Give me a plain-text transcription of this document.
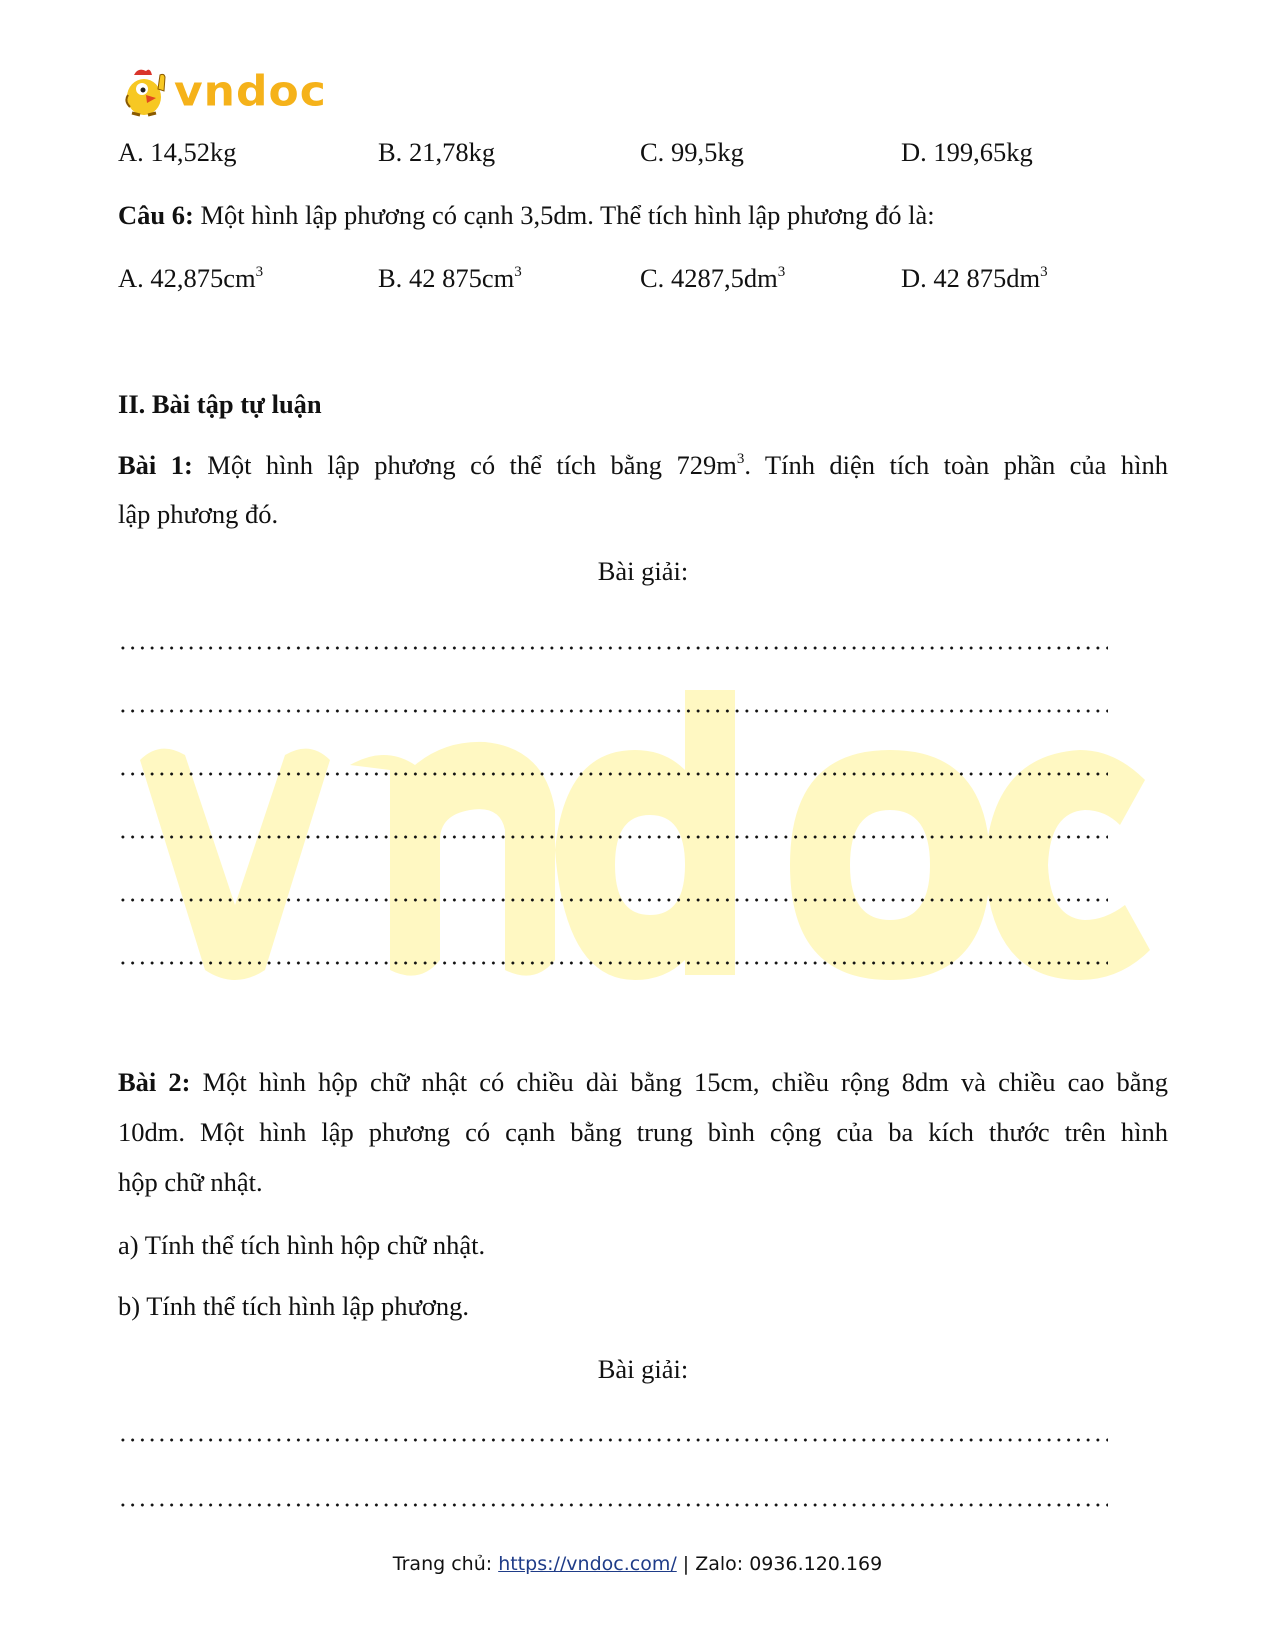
vndoc
A. 14,52kg	B. 21,78kg	C. 99,5kg	D. 199,65kg
Câu 6: Một hình lập phương có cạnh 3,5dm. Thể tích hình lập phương đó là:
A. $42,875cm^3$	B. 42 $875cm^3$	C. $4287,5dm^3$	D. 42 $875dm^3$
II. Bài tập tự luận
Bài 1: Một hình lập phương có thể tích bằng $729m^3$. Tính diện tích toàn phần của hình
lập phương đó.
Bài giải:
Bài 2: Một hình hộp chữ nhật có chiều dài bằng 15cm, chiều rộng 8dm và chiều cao bằng
10dm. Một hình lập phương có cạnh bằng trung bình cộng của ba kích thước trên hình
hộp chữ nhật.
a) Tính thể tích hình hộp chữ nhật.
b) Tính thể tích hình lập phương.
Bài giải:
Trang chủ: https://vndoc.com/ | Zalo: 0936.120.169
